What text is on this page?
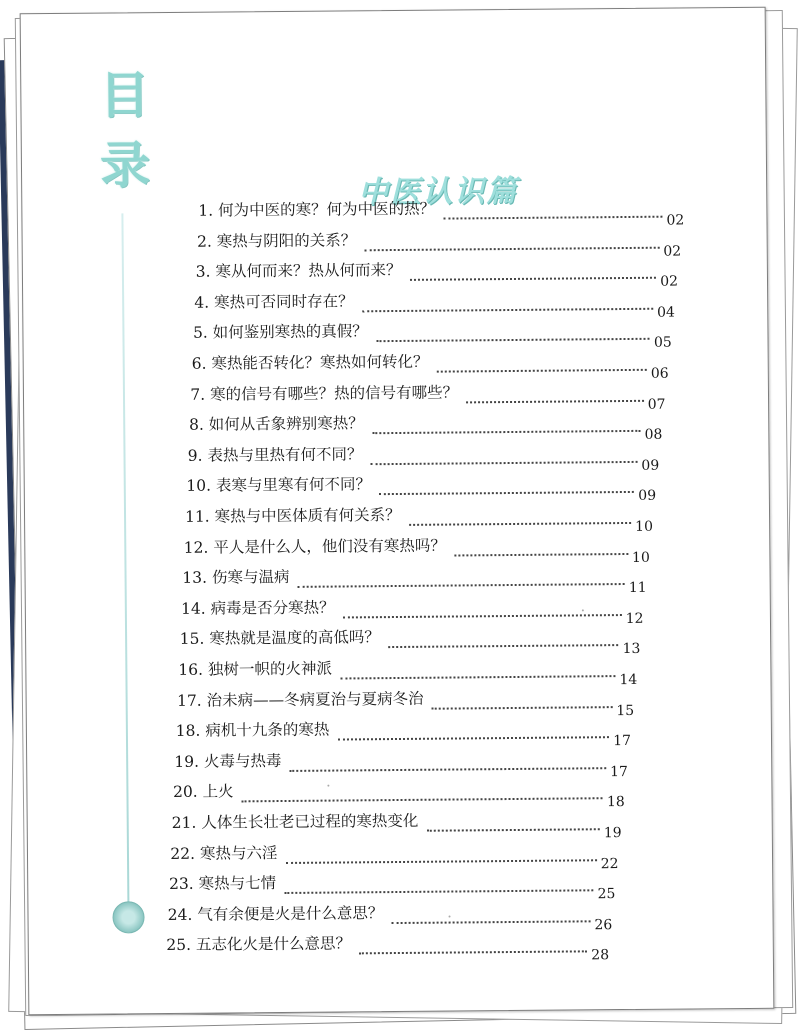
目
录	中医认识篇
1. 何为中医的寒？何为中医的热？
02
2. 寒热与阴阳的关系？
02
3. 寒从何而来？热从何而来？
02
4. 寒热可否同时存在？
04
5. 如何鉴别寒热的真假？
05
6. 寒热能否转化？寒热如何转化？
06
7. 寒的信号有哪些？热的信号有哪些？
07
8. 如何从舌象辨别寒热？
08
9. 表热与里热有何不同？
09
10. 表寒与里寒有何不同？
09
11. 寒热与中医体质有何关系？
10
12. 平人是什么人，他们没有寒热吗？
10
13. 伤寒与温病
11
14. 病毒是否分寒热？
12
15. 寒热就是温度的高低吗？
13
16. 独树一帜的火神派
14
17. 治未病——冬病夏治与夏病冬治
15
18. 病机十九条的寒热
17
19. 火毒与热毒
17
20. 上火
18
21. 人体生长壮老已过程的寒热变化
19
22. 寒热与六淫
22
23. 寒热与七情
25
24. 气有余便是火是什么意思？
26
25. 五志化火是什么意思？
28
